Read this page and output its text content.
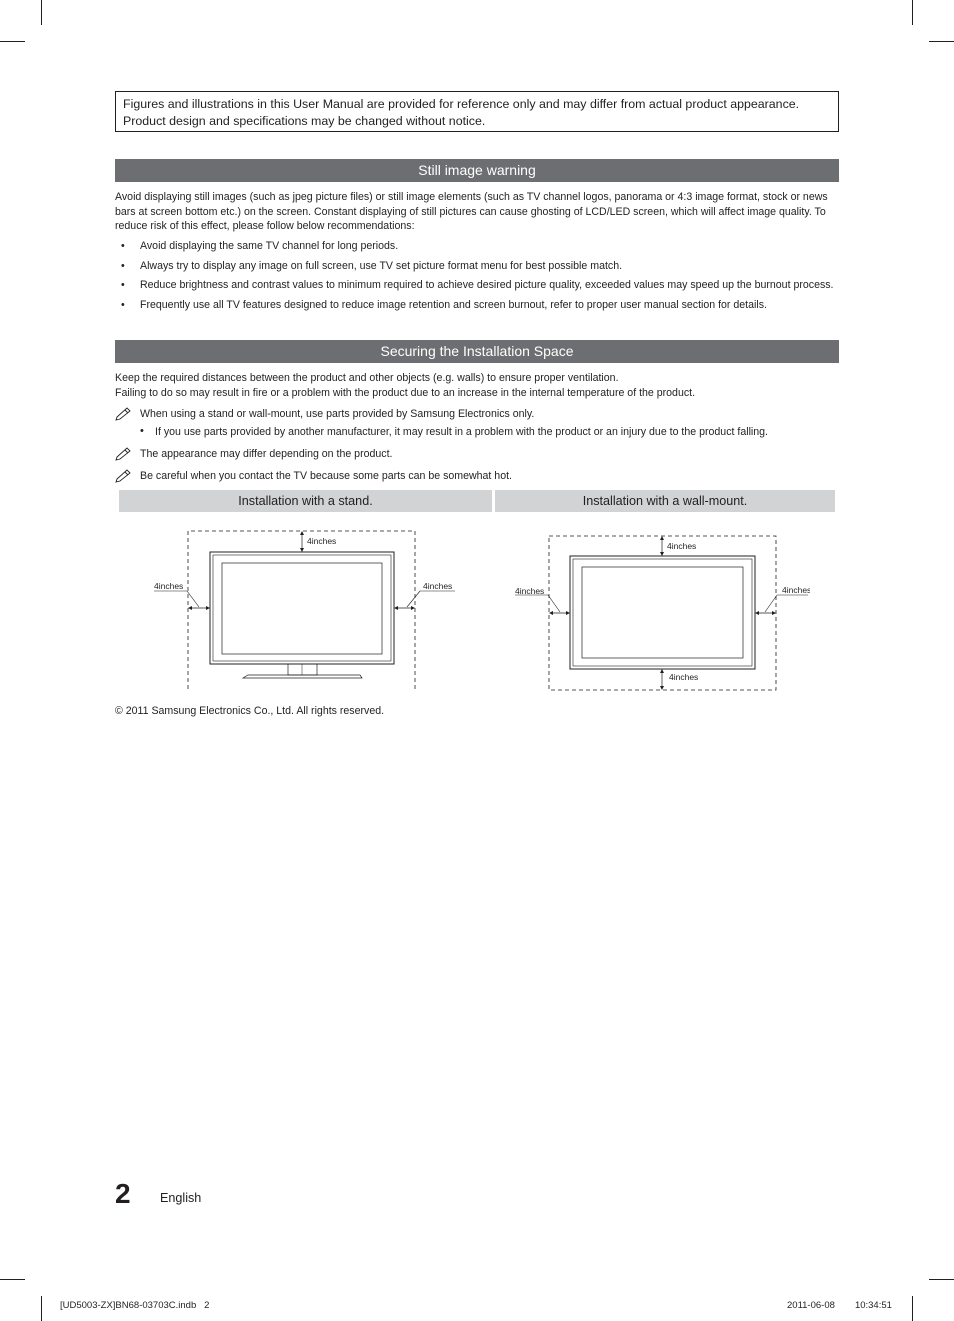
Figures and illustrations in this User Manual are provided for reference only and may differ from actual product appearance.
Product design and specifications may be changed without notice.
Still image warning
Avoid displaying still images (such as jpeg picture files) or still image elements (such as TV channel logos, panorama or 4:3 image format, stock or news bars at screen bottom etc.) on the screen. Constant displaying of still pictures can cause ghosting of LCD/LED screen, which will affect image quality. To reduce risk of this effect, please follow below recommendations:
• Avoid displaying the same TV channel for long periods.
• Always try to display any image on full screen, use TV set picture format menu for best possible match.
• Reduce brightness and contrast values to minimum required to achieve desired picture quality, exceeded values may speed up the burnout process.
• Frequently use all TV features designed to reduce image retention and screen burnout, refer to proper user manual section for details.
Securing the Installation Space
Keep the required distances between the product and other objects (e.g. walls) to ensure proper ventilation.
Failing to do so may result in fire or a problem with the product due to an increase in the internal temperature of the product.
When using a stand or wall-mount, use parts provided by Samsung Electronics only.
• If you use parts provided by another manufacturer, it may result in a problem with the product or an injury due to the product falling.
The appearance may differ depending on the product.
Be careful when you contact the TV because some parts can be somewhat hot.
Installation with a stand.	Installation with a wall-mount.
4inches
4inches	4inches
4inches
4inches
4inches	4inches
© 2011 Samsung Electronics Co., Ltd. All rights reserved.
2 English
[UD5003-ZX]BN68-03703C.indb   2	2011-06-08   　 10:34:51
